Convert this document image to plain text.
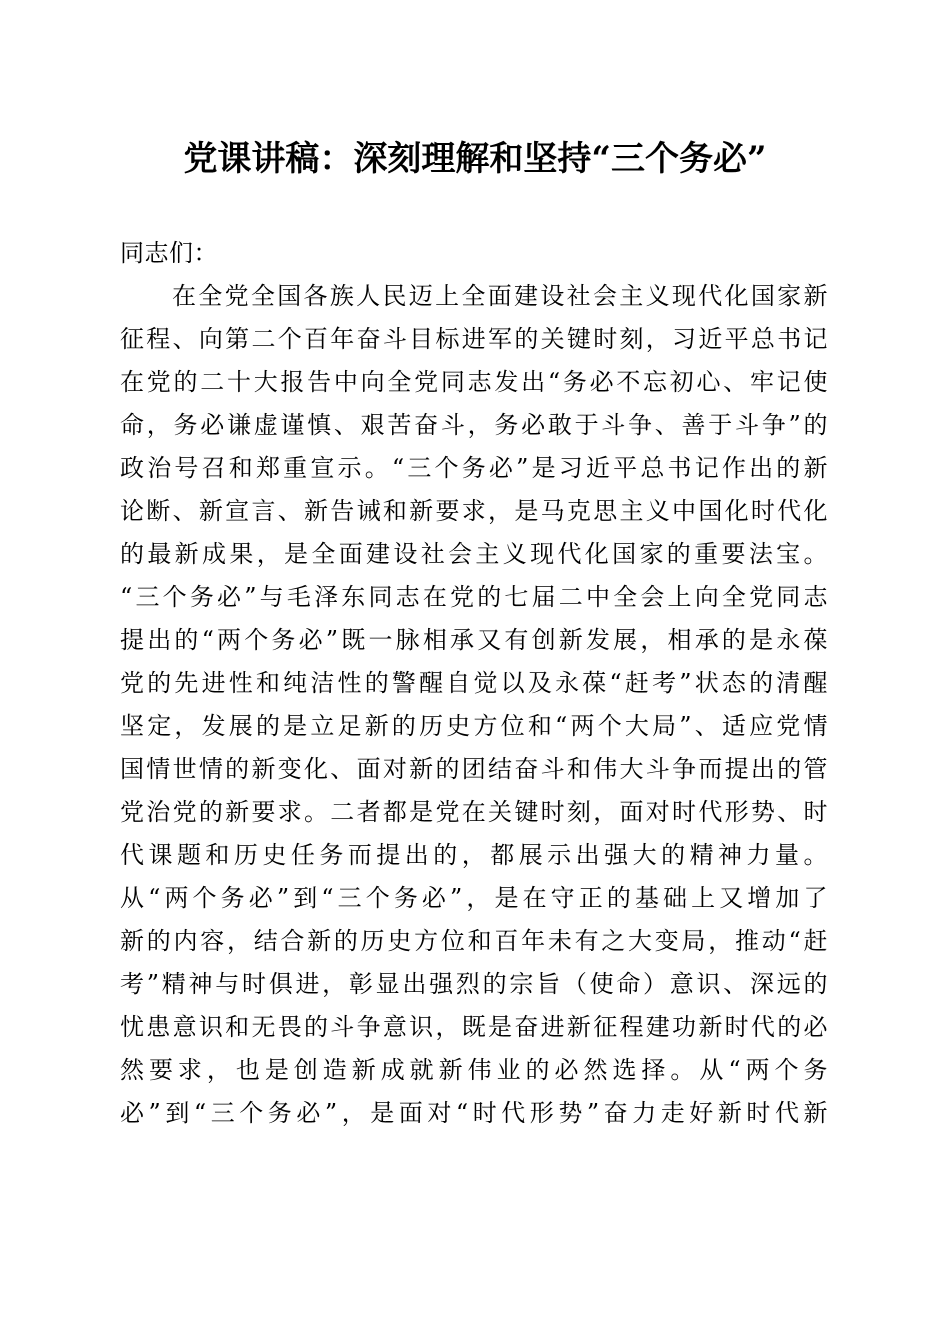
党课讲稿：深刻理解和坚持“三个务必”
同志们：
在全党全国各族人民迈上全面建设社会主义现代化国家新
征程、向第二个百年奋斗目标进军的关键时刻，习近平总书记
在党的二十大报告中向全党同志发出“务必不忘初心、牢记使
命，务必谦虚谨慎、艰苦奋斗，务必敢于斗争、善于斗争”的
政治号召和郑重宣示。“三个务必”是习近平总书记作出的新
论断、新宣言、新告诫和新要求，是马克思主义中国化时代化
的最新成果，是全面建设社会主义现代化国家的重要法宝。
“三个务必”与毛泽东同志在党的七届二中全会上向全党同志
提出的“两个务必”既一脉相承又有创新发展，相承的是永葆
党的先进性和纯洁性的警醒自觉以及永葆“赶考”状态的清醒
坚定，发展的是立足新的历史方位和“两个大局”、适应党情
国情世情的新变化、面对新的团结奋斗和伟大斗争而提出的管
党治党的新要求。二者都是党在关键时刻，面对时代形势、时
代课题和历史任务而提出的，都展示出强大的精神力量。
从“两个务必”到“三个务必”，是在守正的基础上又增加了
新的内容，结合新的历史方位和百年未有之大变局，推动“赶
考”精神与时俱进，彰显出强烈的宗旨（使命）意识、深远的
忧患意识和无畏的斗争意识，既是奋进新征程建功新时代的必
然要求，也是创造新成就新伟业的必然选择。从“两个务
必”到“三个务必”，是面对“时代形势”奋力走好新时代新
